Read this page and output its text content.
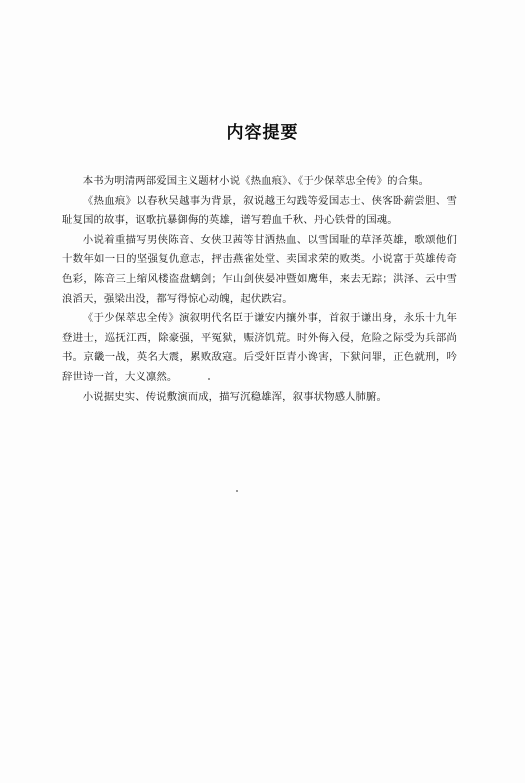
内容提要

本书为明清两部爱国主义题材小说《热血痕》、《于少保萃忠全传》的合集。

《热血痕》以春秋吴越事为背景，叙说越王勾践等爱国志士、侠客卧薪尝胆、雪耻复国的故事，讴歌抗暴御侮的英雄，谱写碧血千秋、丹心铁骨的国魂。

小说着重描写男侠陈音、女侠卫茜等甘洒热血、以雪国耻的草泽英雄，歌颂他们十数年如一日的坚强复仇意志，抨击燕雀处堂、卖国求荣的败类。小说富于英雄传奇色彩，陈音三上缩风楼盗盘螭剑；乍山剑侠晏冲暨如鹰隼，来去无踪；洪泽、云中雪浪滔天，强梁出没，都写得惊心动魄，起伏跌宕。

《于少保萃忠全传》演叙明代名臣于谦安内攘外事，首叙于谦出身，永乐十九年登进士，巡抚江西，除豪强，平冤狱，赈济饥荒。时外侮入侵，危险之际受为兵部尚书。京畿一战，英名大震，累败敌寇。后受奸臣青小谗害，下狱问罪，正色就刑，吟辞世诗一首，大义凛然。

小说据史实、传说敷演而成，描写沉稳雄浑，叙事状物感人肺腑。
